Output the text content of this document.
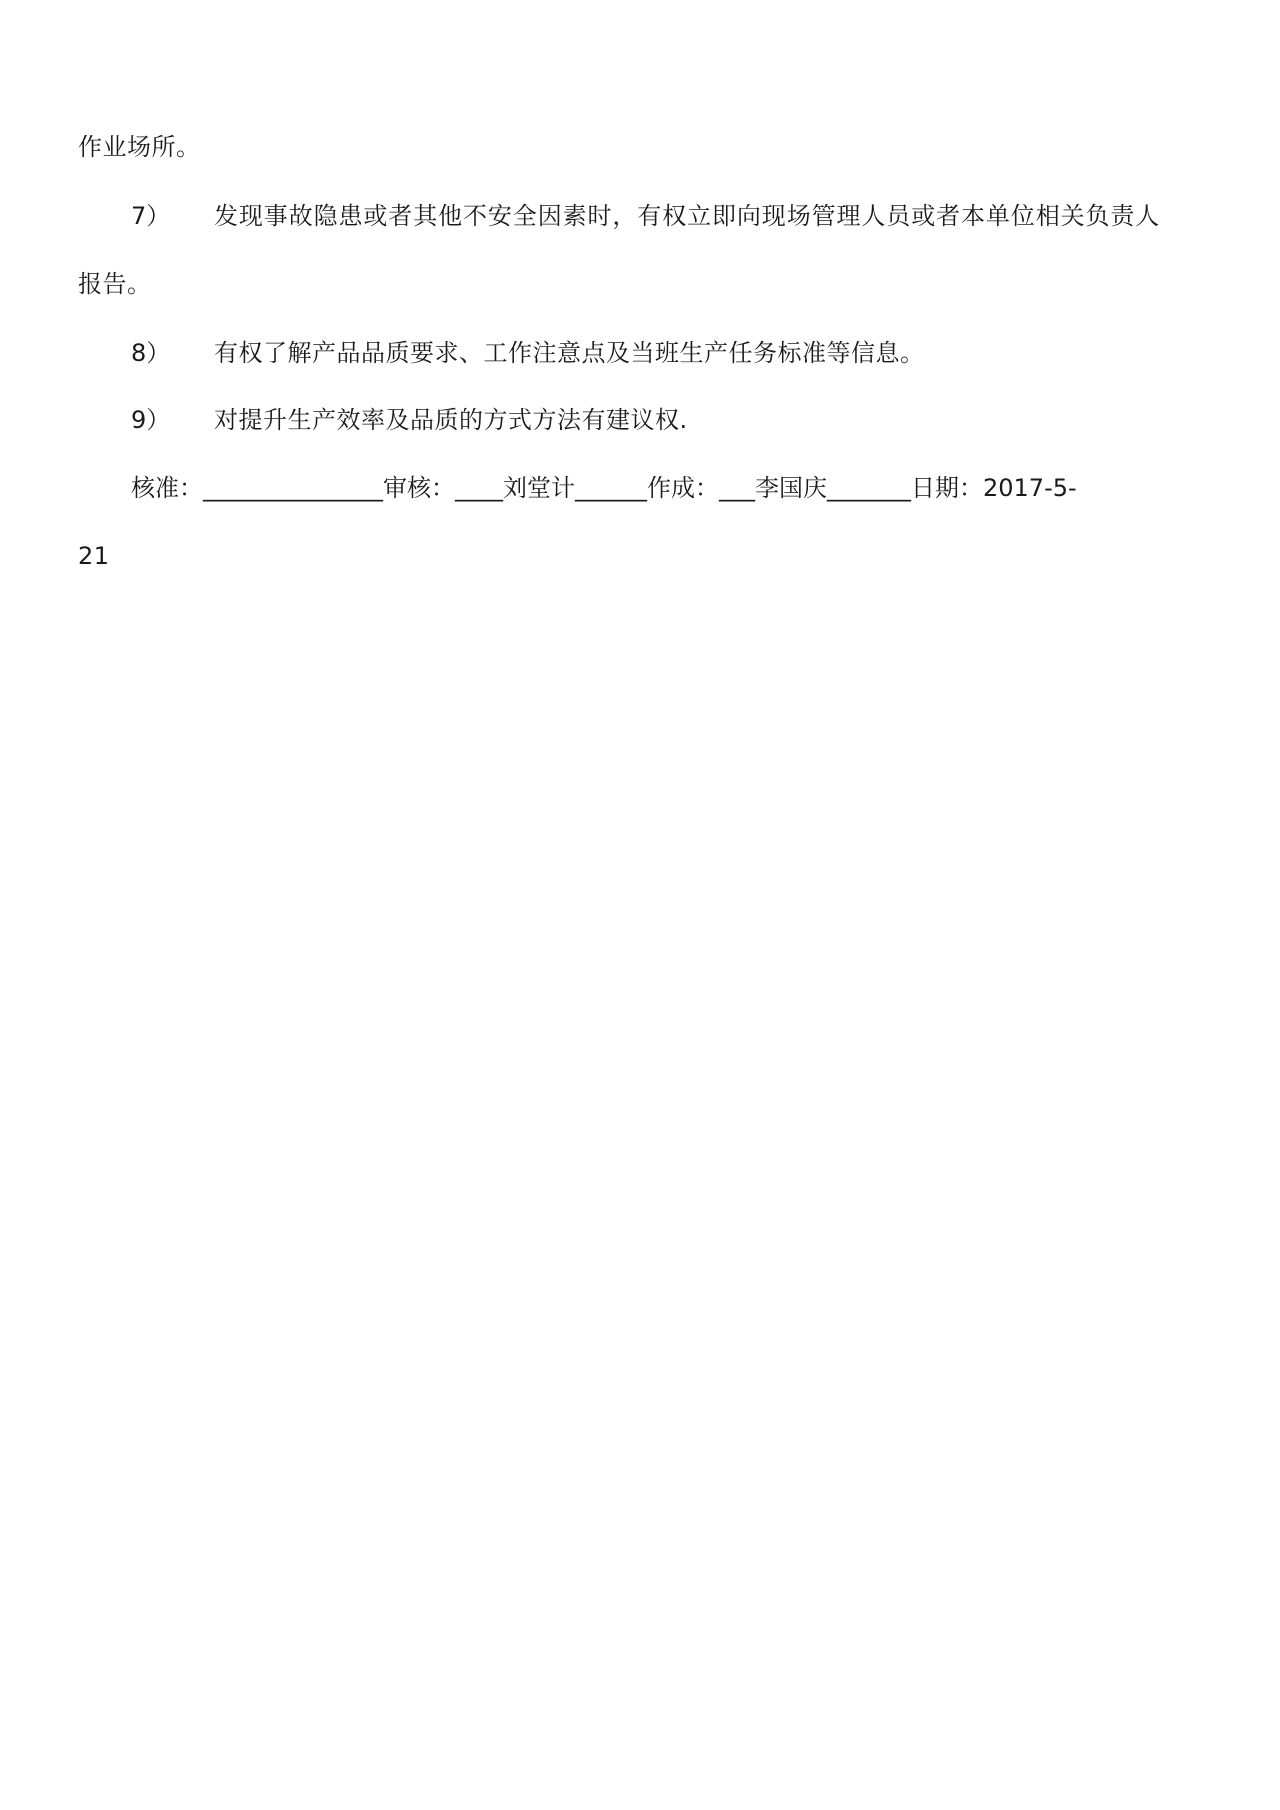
作业场所。
7） 发现事故隐患或者其他不安全因素时，有权立即向现场管理人员或者本单位相关负责人
报告。
8） 有权了解产品品质要求、工作注意点及当班生产任务标准等信息。
9） 对提升生产效率及品质的方式方法有建议权.
核准：_______________审核：____刘堂计______作成：___李国庆_______日期：2017-5-
21
